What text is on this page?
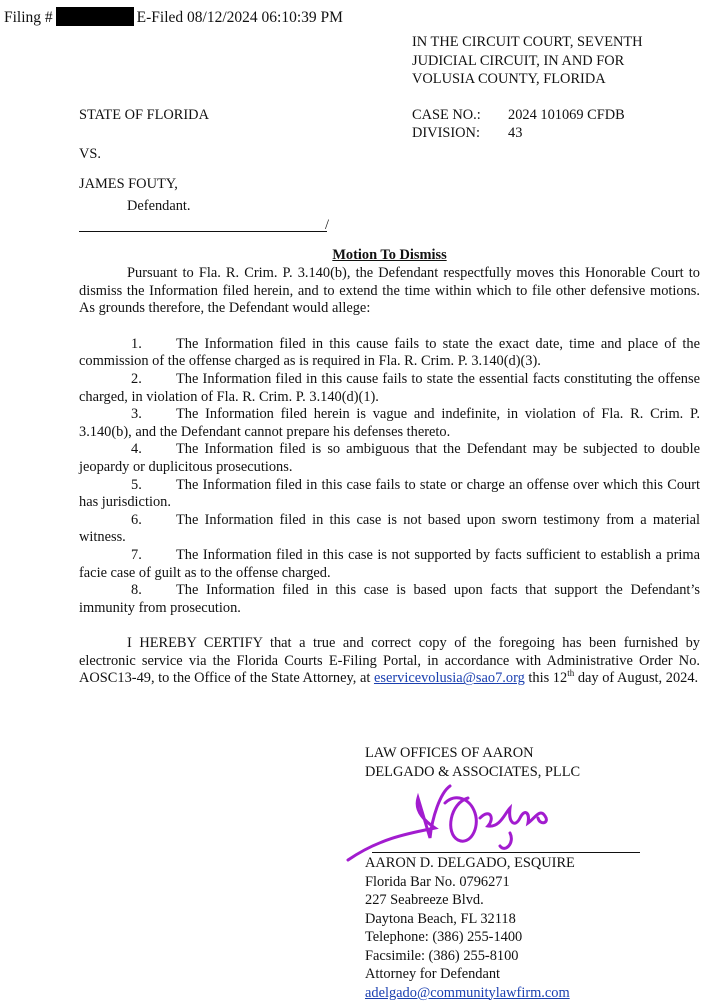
Filing #	E-Filed 08/12/2024 06:10:39 PM
IN THE CIRCUIT COURT, SEVENTH
JUDICIAL CIRCUIT, IN AND FOR
VOLUSIA COUNTY, FLORIDA
STATE OF FLORIDA
VS.
JAMES FOUTY,
Defendant.
/
CASE NO.: 2024 101069 CFDB
DIVISION: 43
Motion To Dismiss

Pursuant to Fla. R. Crim. P. 3.140(b), the Defendant respectfully moves this Honorable Court to dismiss the Information filed herein, and to extend the time within which to file other defensive motions. As grounds therefore, the Defendant would allege:

1. The Information filed in this cause fails to state the exact date, time and place of the commission of the offense charged as is required in Fla. R. Crim. P. 3.140(d)(3).

2. The Information filed in this cause fails to state the essential facts constituting the offense charged, in violation of Fla. R. Crim. P. 3.140(d)(1).

3. The Information filed herein is vague and indefinite, in violation of Fla. R. Crim. P. 3.140(b), and the Defendant cannot prepare his defenses thereto.

4. The Information filed is so ambiguous that the Defendant may be subjected to double jeopardy or duplicitous prosecutions.

5. The Information filed in this case fails to state or charge an offense over which this Court has jurisdiction.

6. The Information filed in this case is not based upon sworn testimony from a material witness.

7. The Information filed in this case is not supported by facts sufficient to establish a prima facie case of guilt as to the offense charged.

8. The Information filed in this case is based upon facts that support the Defendant’s immunity from prosecution.

I HEREBY CERTIFY that a true and correct copy of the foregoing has been furnished by electronic service via the Florida Courts E-Filing Portal, in accordance with Administrative Order No. AOSC13-49, to the Office of the State Attorney, at eservicevolusia@sao7.org this 12th day of August, 2024.

LAW OFFICES OF AARON
DELGADO & ASSOCIATES, PLLC
AARON D. DELGADO, ESQUIRE
Florida Bar No. 0796271
227 Seabreeze Blvd.
Daytona Beach, FL 32118
Telephone: (386) 255-1400
Facsimile: (386) 255-8100
Attorney for Defendant
adelgado@communitylawfirm.com
